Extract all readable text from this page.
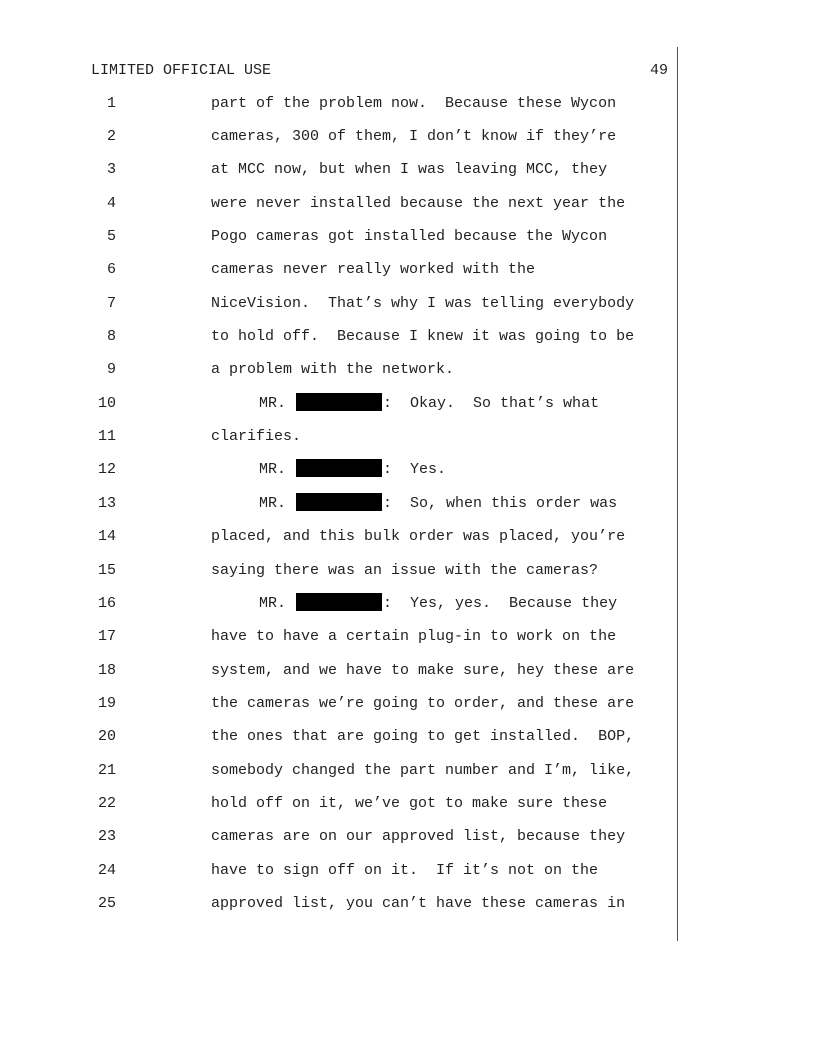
LIMITED OFFICIAL USE	49
1	part of the problem now.  Because these Wycon
2	cameras, 300 of them, I don’t know if they’re
3	at MCC now, but when I was leaving MCC, they
4	were never installed because the next year the
5	Pogo cameras got installed because the Wycon
6	cameras never really worked with the
7	NiceVision.  That’s why I was telling everybody
8	to hold off.  Because I knew it was going to be
9	a problem with the network.
10	MR.	:  Okay.  So that’s what
11	clarifies.
12	MR.	:  Yes.
13	MR.	:  So, when this order was
14	placed, and this bulk order was placed, you’re
15	saying there was an issue with the cameras?
16	MR.	:  Yes, yes.  Because they
17	have to have a certain plug-in to work on the
18	system, and we have to make sure, hey these are
19	the cameras we’re going to order, and these are
20	the ones that are going to get installed.  BOP,
21	somebody changed the part number and I’m, like,
22	hold off on it, we’ve got to make sure these
23	cameras are on our approved list, because they
24	have to sign off on it.  If it’s not on the
25	approved list, you can’t have these cameras in
